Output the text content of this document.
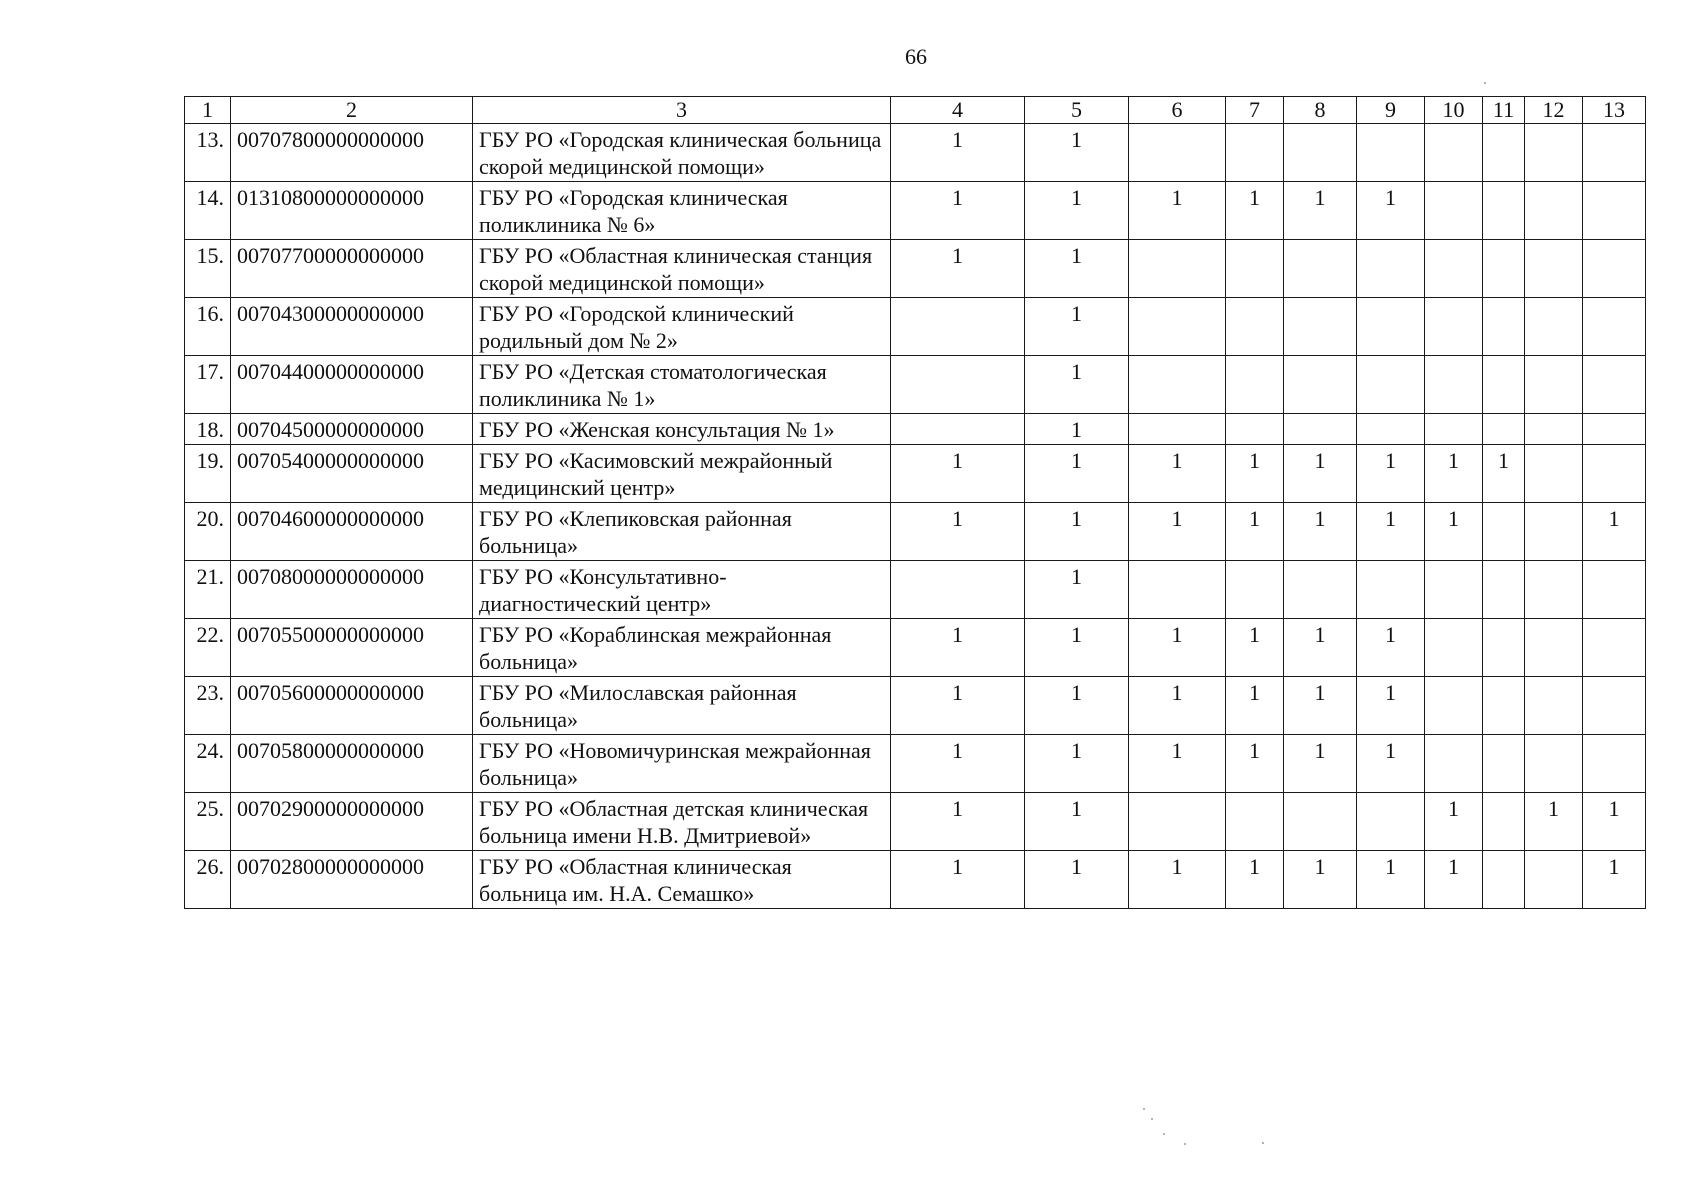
66
1	2	3	4	5	6	7	8	9	10	11	12	13
13.	00707800000000000	ГБУ РО «Городская клиническая больница скорой медицинской помощи»	1	1								
14.	01310800000000000	ГБУ РО «Городская клиническая поликлиника № 6»	1	1	1	1	1	1				
15.	00707700000000000	ГБУ РО «Областная клиническая станция скорой медицинской помощи»	1	1								
16.	00704300000000000	ГБУ РО «Городской клинический родильный дом № 2»		1								
17.	00704400000000000	ГБУ РО «Детская стоматологическая поликлиника № 1»		1								
18.	00704500000000000	ГБУ РО «Женская консультация № 1»		1								
19.	00705400000000000	ГБУ РО «Касимовский межрайонный медицинский центр»	1	1	1	1	1	1	1	1		
20.	00704600000000000	ГБУ РО «Клепиковская районная больница»	1	1	1	1	1	1	1			1
21.	00708000000000000	ГБУ РО «Консультативно-диагностический центр»		1								
22.	00705500000000000	ГБУ РО «Кораблинская межрайонная больница»	1	1	1	1	1	1				
23.	00705600000000000	ГБУ РО «Милославская районная больница»	1	1	1	1	1	1				
24.	00705800000000000	ГБУ РО «Новомичуринская межрайонная больница»	1	1	1	1	1	1				
25.	00702900000000000	ГБУ РО «Областная детская клиническая больница имени Н.В. Дмитриевой»	1	1					1		1	1
26.	00702800000000000	ГБУ РО «Областная клиническая больница им. Н.А. Семашко»	1	1	1	1	1	1	1			1
